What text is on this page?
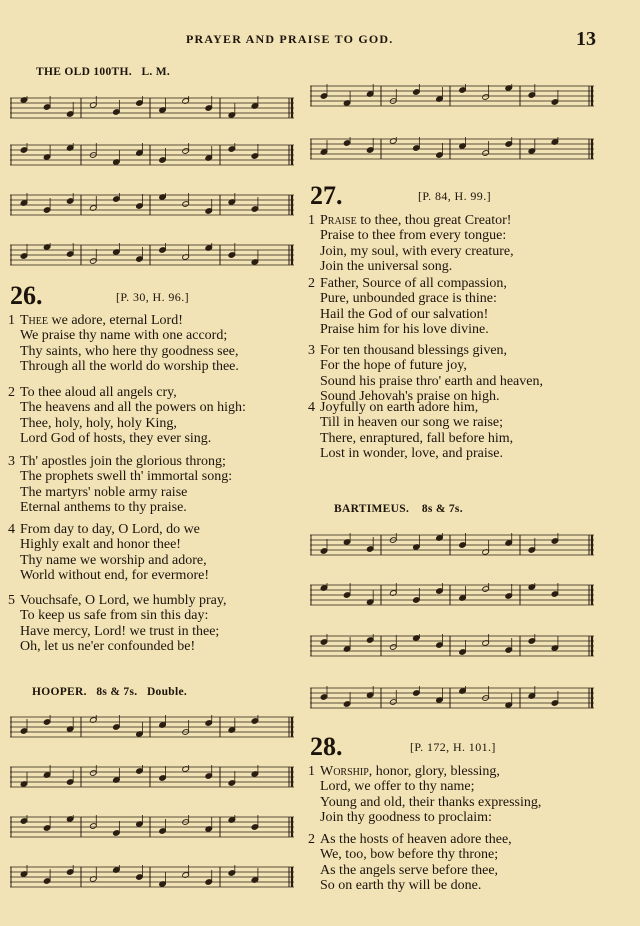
PRAYER AND PRAISE TO GOD.	13
THE OLD 100TH. L. M.
26.	[P. 30, H. 96.]
1 Thee we adore, eternal Lord!
We praise thy name with one accord;
Thy saints, who here thy goodness see,
Through all the world do worship thee.
2 To thee aloud all angels cry,
The heavens and all the powers on high:
Thee, holy, holy, holy King,
Lord God of hosts, they ever sing.
3 Th' apostles join the glorious throng;
The prophets swell th' immortal song:
The martyrs' noble army raise
Eternal anthems to thy praise.
4 From day to day, O Lord, do we
Highly exalt and honor thee!
Thy name we worship and adore,
World without end, for evermore!
5 Vouchsafe, O Lord, we humbly pray,
To keep us safe from sin this day:
Have mercy, Lord! we trust in thee;
Oh, let us ne'er confounded be!
HOOPER. 8s & 7s. Double.
27.	[P. 84, H. 99.]
1 Praise to thee, thou great Creator!
Praise to thee from every tongue:
Join, my soul, with every creature,
Join the universal song.
2 Father, Source of all compassion,
Pure, unbounded grace is thine:
Hail the God of our salvation!
Praise him for his love divine.
3 For ten thousand blessings given,
For the hope of future joy,
Sound his praise thro' earth and heaven,
Sound Jehovah's praise on high.
4 Joyfully on earth adore him,
Till in heaven our song we raise;
There, enraptured, fall before him,
Lost in wonder, love, and praise.
BARTIMEUS. 8s & 7s.
28.	[P. 172, H. 101.]
1 Worship, honor, glory, blessing,
Lord, we offer to thy name;
Young and old, their thanks expressing,
Join thy goodness to proclaim:
2 As the hosts of heaven adore thee,
We, too, bow before thy throne;
As the angels serve before thee,
So on earth thy will be done.
